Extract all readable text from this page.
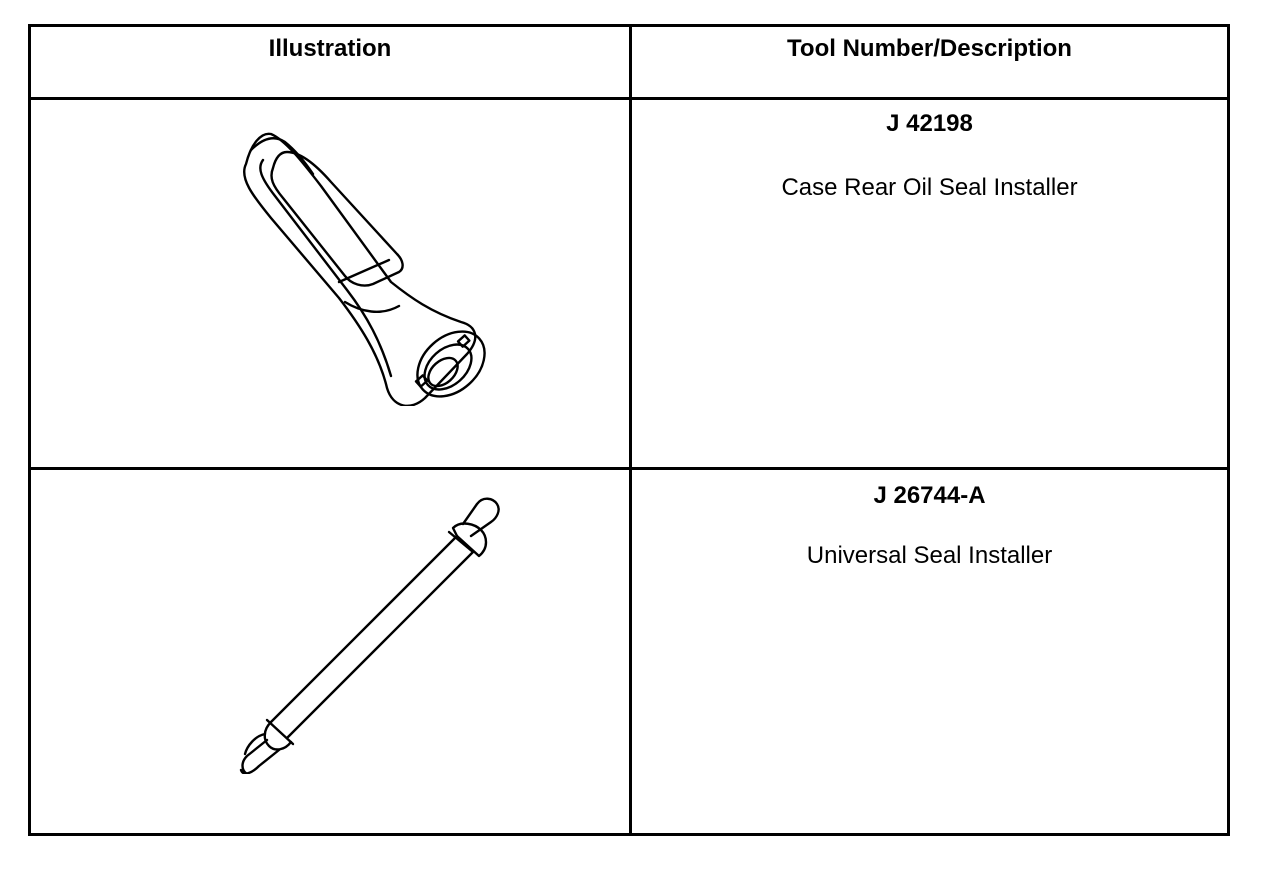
Illustration	Tool Number/Description
J 42198
Case Rear Oil Seal Installer
J 26744-A
Universal Seal Installer
